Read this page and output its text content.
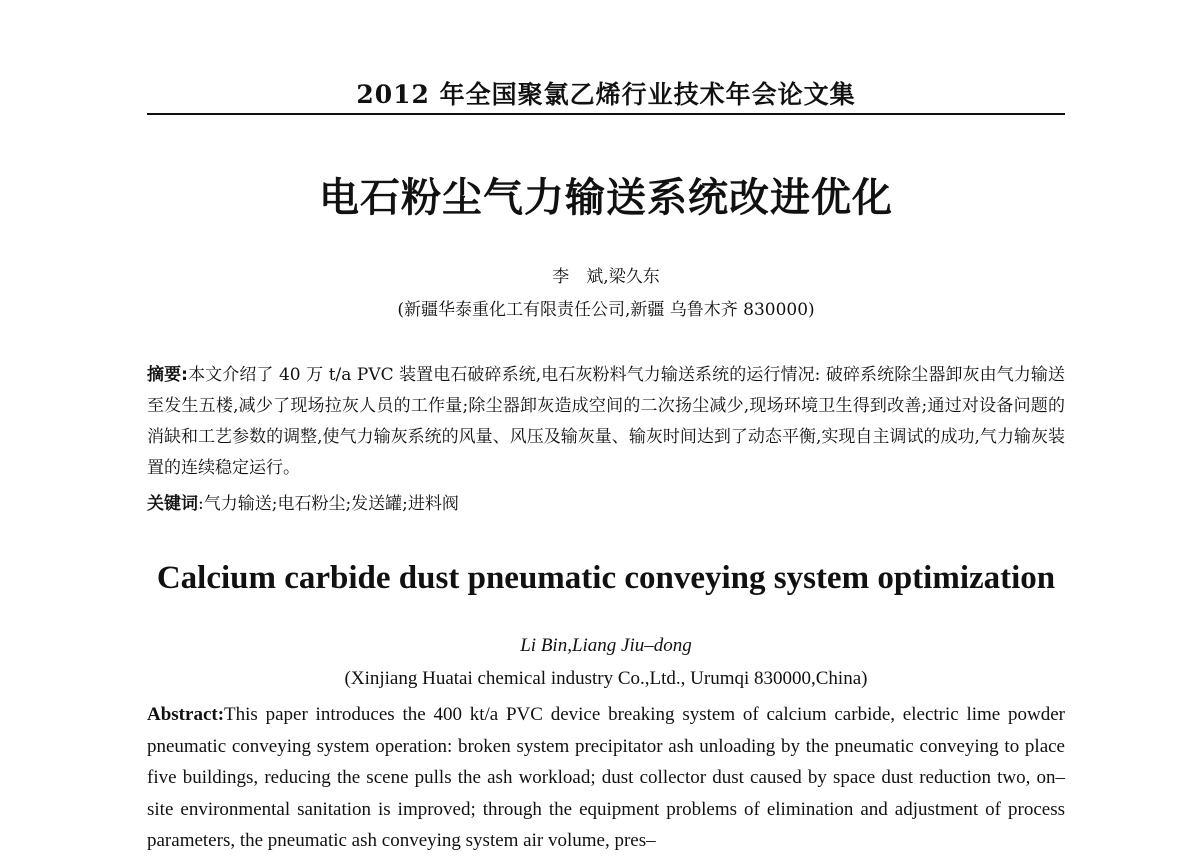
2012 年全国聚氯乙烯行业技术年会论文集
电石粉尘气力输送系统改进优化
李　斌,梁久东
(新疆华泰重化工有限责任公司,新疆 乌鲁木齐 830000)

摘要:本文介绍了 40 万 t/a PVC 装置电石破碎系统,电石灰粉料气力输送系统的运行情况: 破碎系统除尘器卸灰由气力输送至发生五楼,减少了现场拉灰人员的工作量;除尘器卸灰造成空间的二次扬尘减少,现场环境卫生得到改善;通过对设备问题的消缺和工艺参数的调整,使气力输灰系统的风量、风压及输灰量、输灰时间达到了动态平衡,实现自主调试的成功,气力输灰装置的连续稳定运行。

关键词:气力输送;电石粉尘;发送罐;进料阀

Calcium carbide dust pneumatic conveying system optimization
Li Bin,Liang Jiu–dong
(Xinjiang Huatai chemical industry Co.,Ltd., Urumqi 830000,China)

Abstract:This paper introduces the 400 kt/a PVC device breaking system of calcium carbide, electric lime powder pneumatic conveying system operation: broken system precipitator ash unloading by the pneumatic conveying to place five buildings, reducing the scene pulls the ash workload; dust collector dust caused by space dust reduction two, on–site environmental sanitation is improved; through the equipment problems of elimination and adjustment of process parameters, the pneumatic ash conveying system air volume, pres–
